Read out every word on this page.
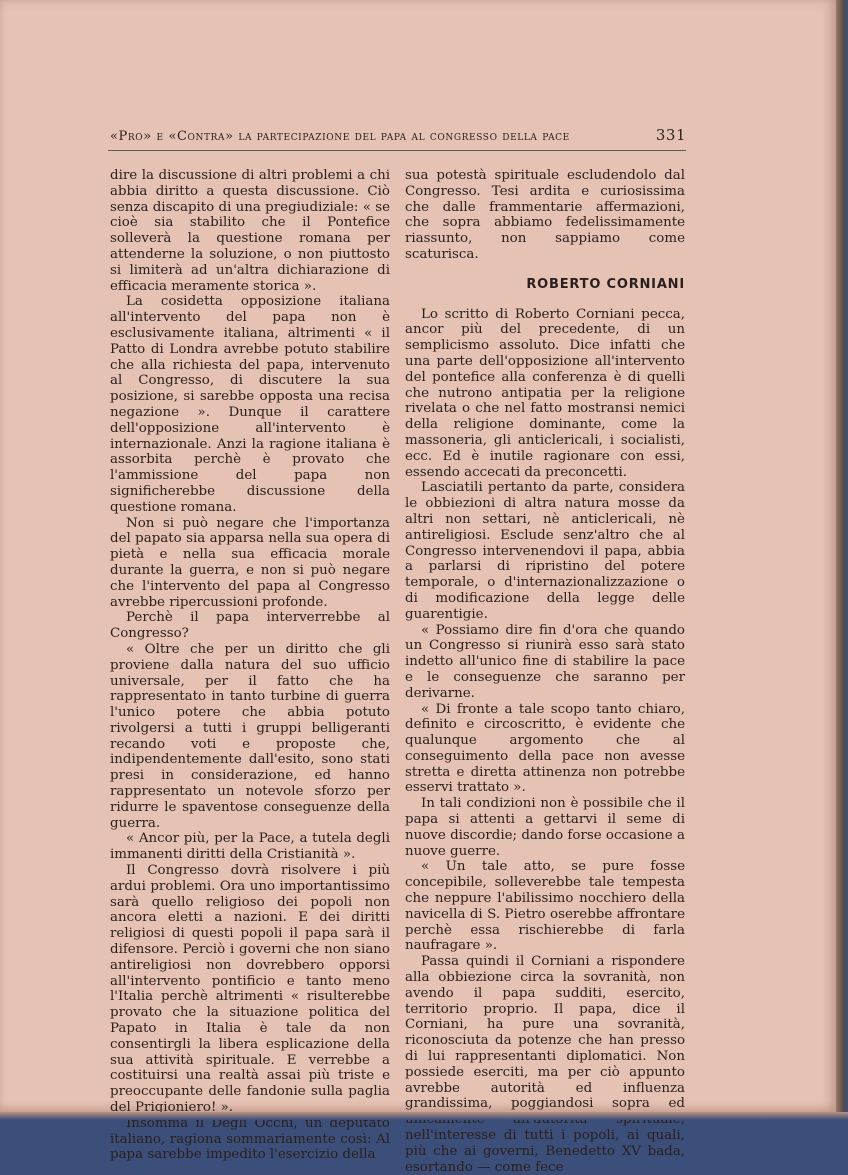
«Pro» e «Contra» la partecipazione del papa al congresso della pace	331

dire la discussione di altri problemi a chi abbia diritto a questa discussione. Ciò senza discapito di una pregiudiziale: « se cioè sia stabilito che il Pontefice solleverà la questione romana per attenderne la soluzione, o non piuttosto si limiterà ad un'altra dichiarazione di efficacia meramente storica ».

La cosidetta opposizione italiana all'intervento del papa non è esclusivamente italiana, altrimenti « il Patto di Londra avrebbe potuto stabilire che alla richiesta del papa, intervenuto al Congresso, di discutere la sua posizione, si sarebbe opposta una recisa negazione ». Dunque il carattere dell'opposizione all'intervento è internazionale. Anzi la ragione italiana è assorbita perchè è provato che l'ammissione del papa non significherebbe discussione della questione romana.

Non si può negare che l'importanza del papato sia apparsa nella sua opera di pietà e nella sua efficacia morale durante la guerra, e non si può negare che l'intervento del papa al Congresso avrebbe ripercussioni profonde.

Perchè il papa interverrebbe al Congresso?

« Oltre che per un diritto che gli proviene dalla natura del suo ufficio universale, per il fatto che ha rappresentato in tanto turbine di guerra l'unico potere che abbia potuto rivolgersi a tutti i gruppi belligeranti recando voti e proposte che, indipendentemente dall'esito, sono stati presi in considerazione, ed hanno rappresentato un notevole sforzo per ridurre le spaventose conseguenze della guerra.

« Ancor più, per la Pace, a tutela degli immanenti diritti della Cristianità ».

Il Congresso dovrà risolvere i più ardui problemi. Ora uno importantissimo sarà quello religioso dei popoli non ancora eletti a nazioni. E dei diritti religiosi di questi popoli il papa sarà il difensore. Perciò i governi che non siano antireligiosi non dovrebbero opporsi all'intervento pontificio e tanto meno l'Italia perchè altrimenti « risulterebbe provato che la situazione politica del Papato in Italia è tale da non consentirgli la libera esplicazione della sua attività spirituale. E verrebbe a costituirsi una realtà assai più triste e preoccupante delle fandonie sulla paglia del Prigioniero! ».

Insomma il Degli Occhi, un deputato italiano, ragiona sommariamente così: Al papa sarebbe impedito l'esercizio della

sua potestà spirituale escludendolo dal Congresso. Tesi ardita e curiosissima che dalle frammentarie affermazioni, che sopra abbiamo fedelissimamente riassunto, non sappiamo come scaturisca.

ROBERTO CORNIANI

Lo scritto di Roberto Corniani pecca, ancor più del precedente, di un semplicismo assoluto. Dice infatti che una parte dell'opposizione all'intervento del pontefice alla conferenza è di quelli che nutrono antipatia per la religione rivelata o che nel fatto mostransi nemici della religione dominante, come la massoneria, gli anticlericali, i socialisti, ecc. Ed è inutile ragionare con essi, essendo accecati da preconcetti.

Lasciatili pertanto da parte, considera le obbiezioni di altra natura mosse da altri non settari, nè anticlericali, nè antireligiosi. Esclude senz'altro che al Congresso intervenendovi il papa, abbia a parlarsi di ripristino del potere temporale, o d'internazionalizzazione o di modificazione della legge delle guarentigie.

« Possiamo dire fin d'ora che quando un Congresso si riunirà esso sarà stato indetto all'unico fine di stabilire la pace e le conseguenze che saranno per derivarne.

« Di fronte a tale scopo tanto chiaro, definito e circoscritto, è evidente che qualunque argomento che al conseguimento della pace non avesse stretta e diretta attinenza non potrebbe esservi trattato ».

In tali condizioni non è possibile che il papa si attenti a gettarvi il seme di nuove discordie; dando forse occasione a nuove guerre.

« Un tale atto, se pure fosse concepibile, solleverebbe tale tempesta che neppure l'abilissimo nocchiero della navicella di S. Pietro oserebbe affrontare perchè essa rischierebbe di farla naufragare ».

Passa quindi il Corniani a rispondere alla obbiezione circa la sovranità, non avendo il papa sudditi, esercito, territorio proprio. Il papa, dice il Corniani, ha pure una sovranità, riconosciuta da potenze che han presso di lui rappresentanti diplomatici. Non possiede eserciti, ma per ciò appunto avrebbe autorità ed influenza grandissima, poggiandosi sopra ed unicamente all'autorità spirituale, nell'interesse di tutti i popoli, ai quali, più che ai governi, Benedetto XV bada,
